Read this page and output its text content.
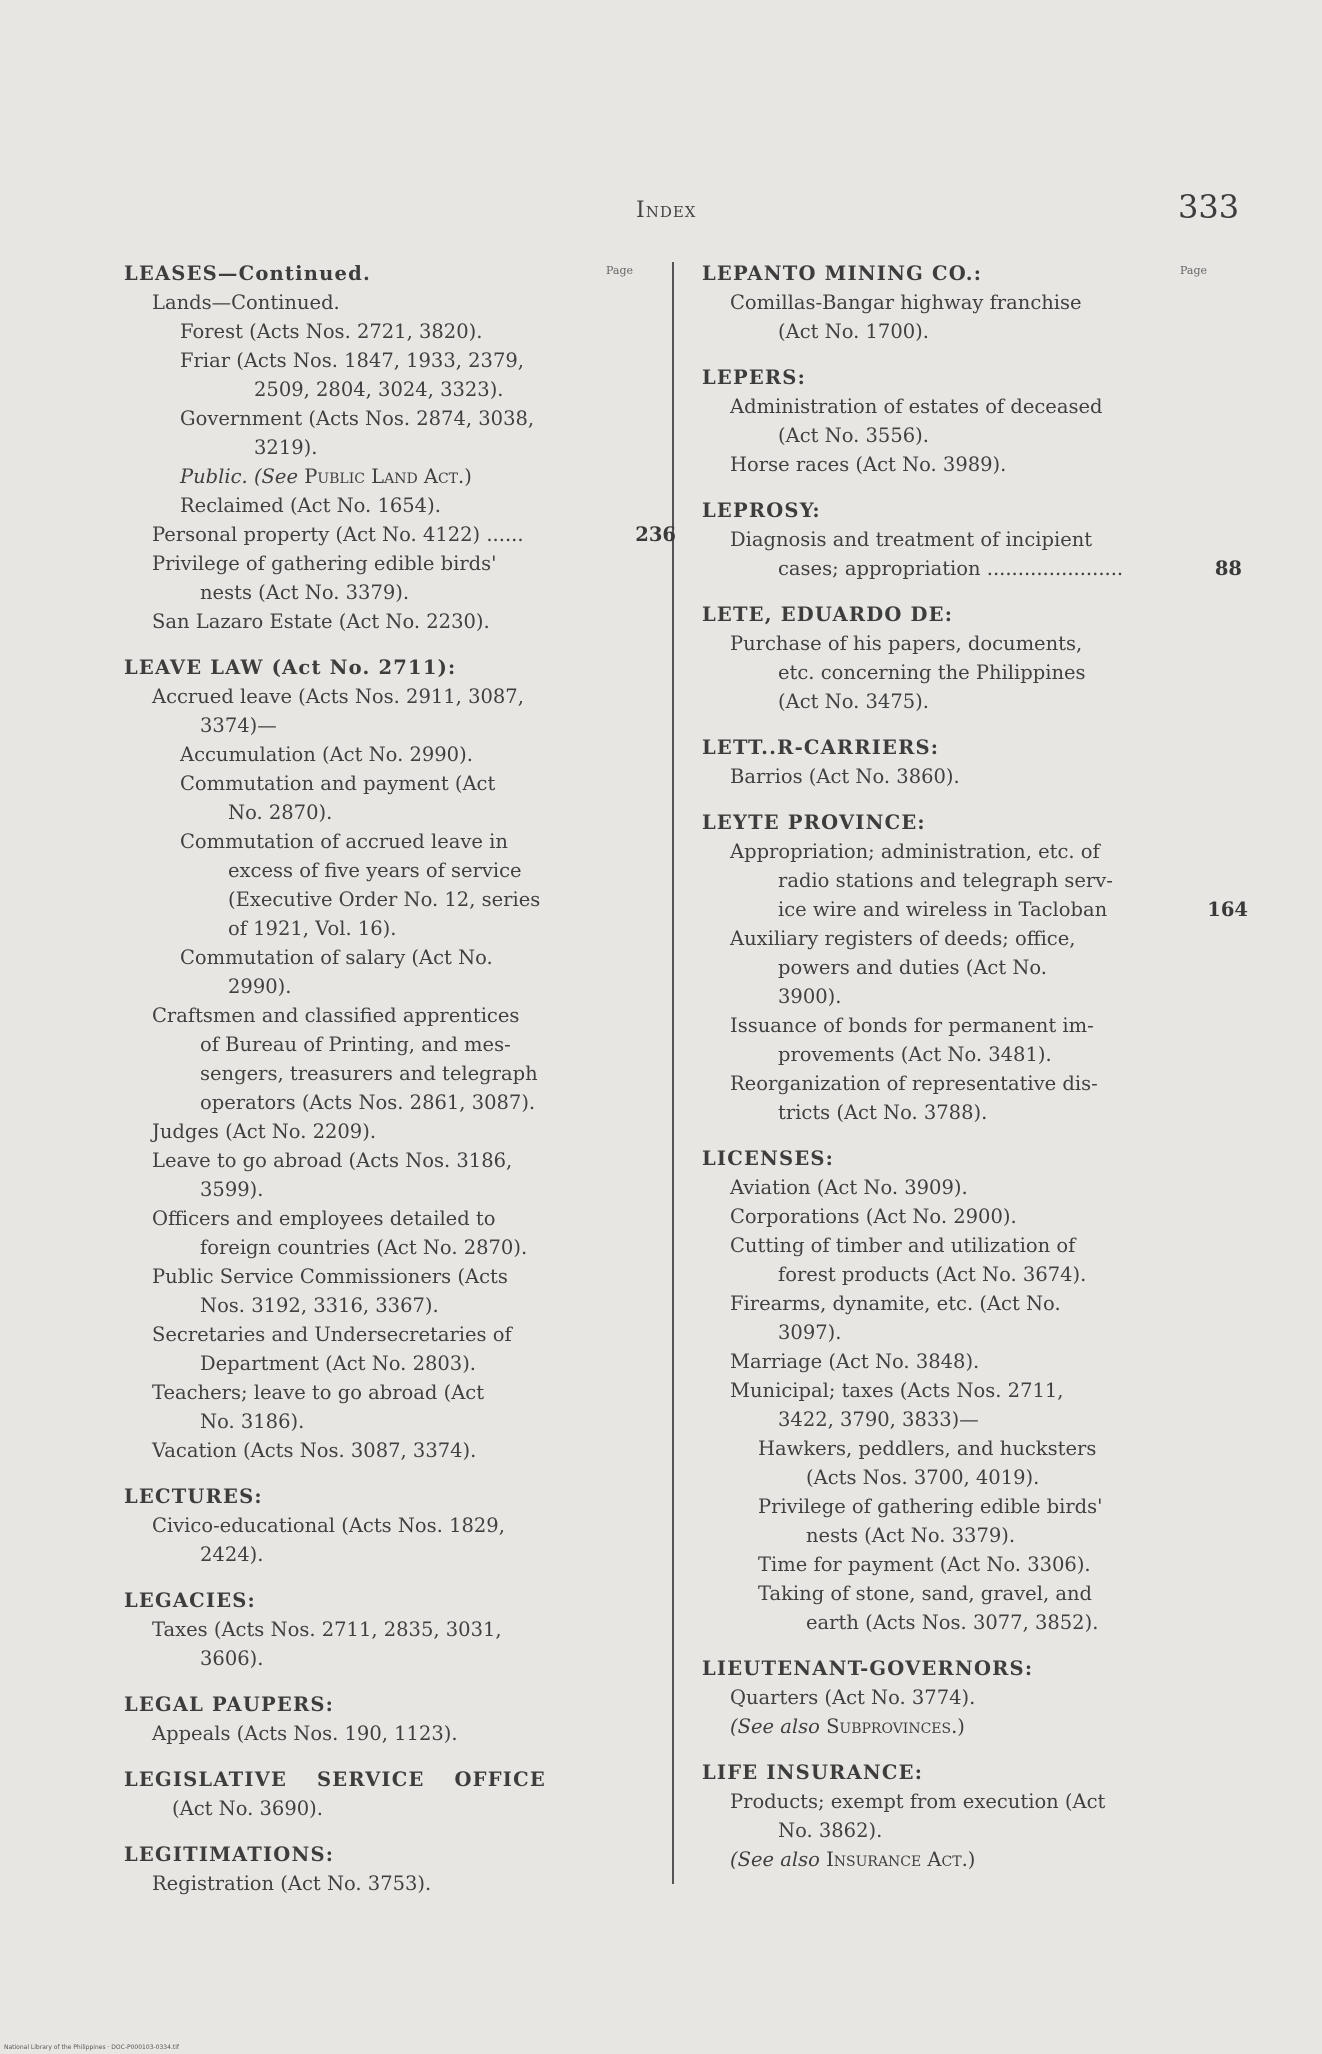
Index	333
Page	Page
LEASES—Continued.
Lands—Continued.
Forest (Acts Nos. 2721, 3820).
Friar (Acts Nos. 1847, 1933, 2379,
2509, 2804, 3024, 3323).
Government (Acts Nos. 2874, 3038,
3219).
Public. (See Public Land Act.)
Reclaimed (Act No. 1654).
Personal property (Act No. 4122) ......	236
Privilege of gathering edible birds'
nests (Act No. 3379).
San Lazaro Estate (Act No. 2230).
LEAVE LAW (Act No. 2711):
Accrued leave (Acts Nos. 2911, 3087,
3374)—
Accumulation (Act No. 2990).
Commutation and payment (Act
No. 2870).
Commutation of accrued leave in
excess of five years of service
(Executive Order No. 12, series
of 1921, Vol. 16).
Commutation of salary (Act No.
2990).
Craftsmen and classified apprentices
of Bureau of Printing, and mes-
sengers, treasurers and telegraph
operators (Acts Nos. 2861, 3087).
Judges (Act No. 2209).
Leave to go abroad (Acts Nos. 3186,
3599).
Officers and employees detailed to
foreign countries (Act No. 2870).
Public Service Commissioners (Acts
Nos. 3192, 3316, 3367).
Secretaries and Undersecretaries of
Department (Act No. 2803).
Teachers; leave to go abroad (Act
No. 3186).
Vacation (Acts Nos. 3087, 3374).
LECTURES:
Civico-educational (Acts Nos. 1829,
2424).
LEGACIES:
Taxes (Acts Nos. 2711, 2835, 3031,
3606).
LEGAL PAUPERS:
Appeals (Acts Nos. 190, 1123).
LEGISLATIVE SERVICE OFFICE
(Act No. 3690).
LEGITIMATIONS:
Registration (Act No. 3753).
LEPANTO MINING CO.:
Comillas-Bangar highway franchise
(Act No. 1700).
LEPERS:
Administration of estates of deceased
(Act No. 3556).
Horse races (Act No. 3989).
LEPROSY:
Diagnosis and treatment of incipient
cases; appropriation ......................	88
LETE, EDUARDO DE:
Purchase of his papers, documents,
etc. concerning the Philippines
(Act No. 3475).
LETT..R-CARRIERS:
Barrios (Act No. 3860).
LEYTE PROVINCE:
Appropriation; administration, etc. of
radio stations and telegraph serv-
ice wire and wireless in Tacloban	164
Auxiliary registers of deeds; office,
powers and duties (Act No.
3900).
Issuance of bonds for permanent im-
provements (Act No. 3481).
Reorganization of representative dis-
tricts (Act No. 3788).
LICENSES:
Aviation (Act No. 3909).
Corporations (Act No. 2900).
Cutting of timber and utilization of
forest products (Act No. 3674).
Firearms, dynamite, etc. (Act No.
3097).
Marriage (Act No. 3848).
Municipal; taxes (Acts Nos. 2711,
3422, 3790, 3833)—
Hawkers, peddlers, and hucksters
(Acts Nos. 3700, 4019).
Privilege of gathering edible birds'
nests (Act No. 3379).
Time for payment (Act No. 3306).
Taking of stone, sand, gravel, and
earth (Acts Nos. 3077, 3852).
LIEUTENANT-GOVERNORS:
Quarters (Act No. 3774).
(See also Subprovinces.)
LIFE INSURANCE:
Products; exempt from execution (Act
No. 3862).
(See also Insurance Act.)
National Library of the Philippines · DOC-P000103-0334.tif
